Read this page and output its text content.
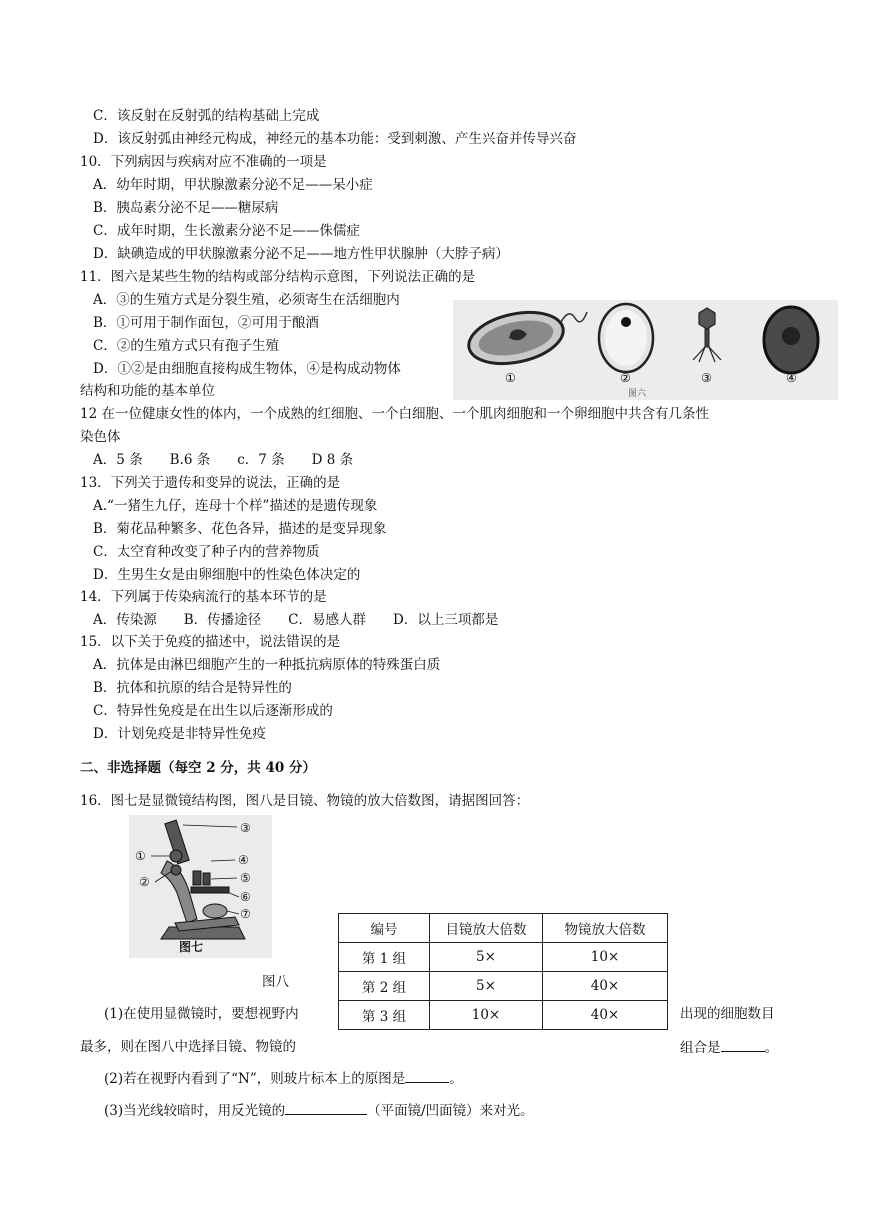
C．该反射在反射弧的结构基础上完成
D．该反射弧由神经元构成，神经元的基本功能：受到刺激、产生兴奋并传导兴奋
10．下列病因与疾病对应不准确的一项是
A．幼年时期，甲状腺激素分泌不足——呆小症
B．胰岛素分泌不足——糖尿病
C．成年时期，生长激素分泌不足——侏儒症
D．缺碘造成的甲状腺激素分泌不足——地方性甲状腺肿（大脖子病）
11．图六是某些生物的结构或部分结构示意图，下列说法正确的是
A．③的生殖方式是分裂生殖，必须寄生在活细胞内
B．①可用于制作面包，②可用于酿酒
C．②的生殖方式只有孢子生殖
D．①②是由细胞直接构成生物体，④是构成动物体
结构和功能的基本单位
①	②	③	④
图六
12 在一位健康女性的体内，一个成熟的红细胞、一个白细胞、一个肌肉细胞和一个卵细胞中共含有几条性
染色体
A．5 条　　B.6 条　　c．7 条　　D 8 条
13．下列关于遗传和变异的说法，正确的是
A.“一猪生九仔，连母十个样”描述的是遗传现象
B．菊花品种繁多、花色各异，描述的是变异现象
C．太空育种改变了种子内的营养物质
D．生男生女是由卵细胞中的性染色体决定的
14．下列属于传染病流行的基本环节的是
A．传染源　　B．传播途径　　C．易感人群　　D．以上三项都是
15．以下关于免疫的描述中，说法错误的是
A．抗体是由淋巴细胞产生的一种抵抗病原体的特殊蛋白质
B．抗体和抗原的结合是特异性的
C．特异性免疫是在出生以后逐渐形成的
D．计划免疫是非特异性免疫
二、非选择题（每空 2 分，共 40 分）
16．图七是显微镜结构图，图八是目镜、物镜的放大倍数图，请据图回答：
①
②
③
④
⑤
⑥
⑦
图七
编号	目镜放大倍数	物镜放大倍数
第 1 组	5×	10×
第 2 组	5×	40×
第 3 组	10×	40×
图八
(1)在使用显微镜时，要想视野内	出现的细胞数目
最多，则在图八中选择目镜、物镜的	组合是	。
(2)若在视野内看到了“N”，则玻片标本上的原图是	。
(3)当光线较暗时，用反光镜的	（平面镜/凹面镜）来对光。
